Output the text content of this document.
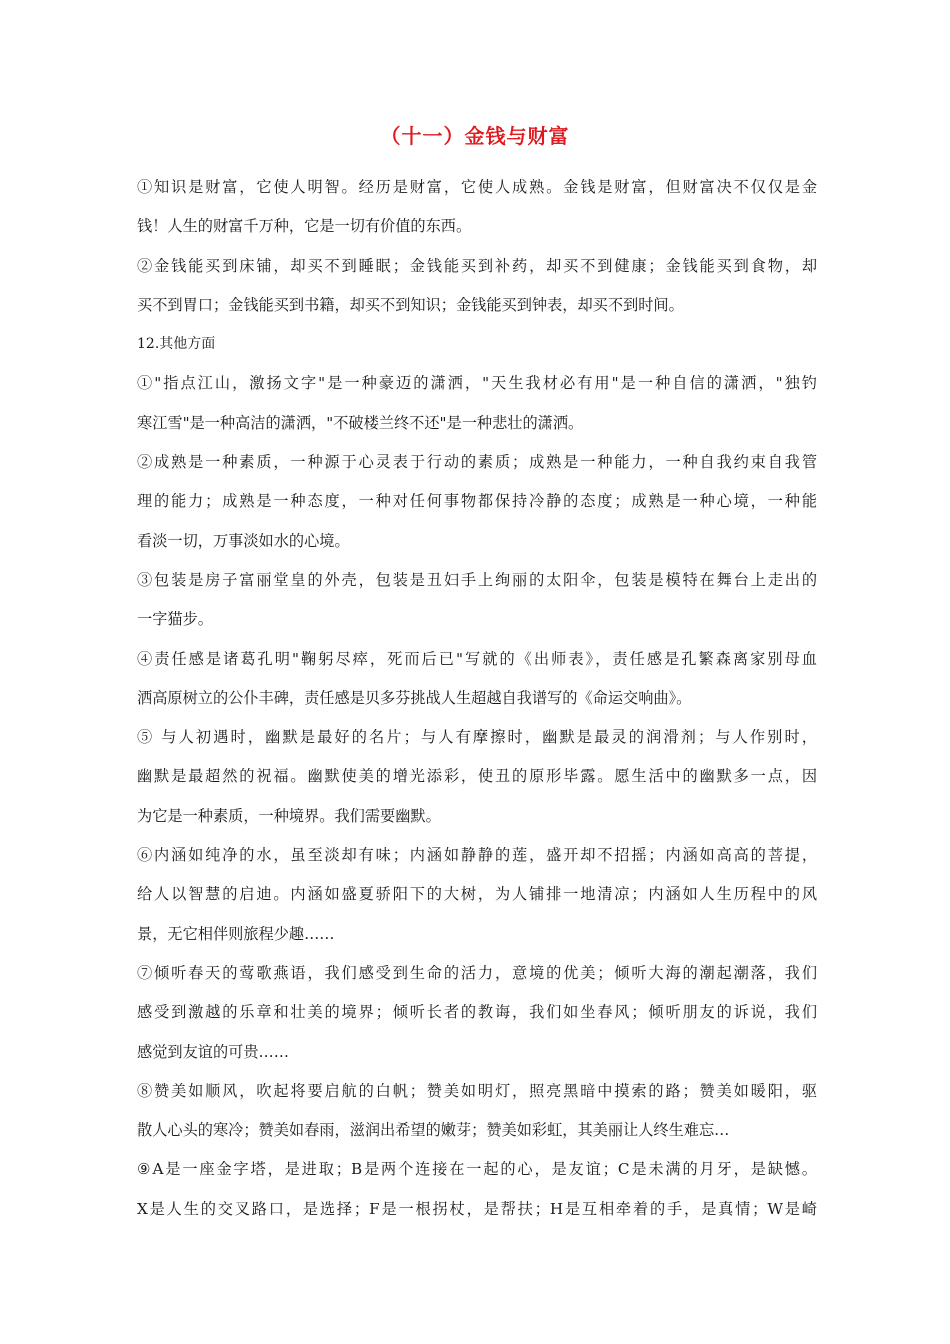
（十一）金钱与财富
①知识是财富，它使人明智。经历是财富，它使人成熟。金钱是财富，但财富决不仅仅是金
钱！人生的财富千万种，它是一切有价值的东西。
②金钱能买到床铺，却买不到睡眠；金钱能买到补药，却买不到健康；金钱能买到食物，却
买不到胃口；金钱能买到书籍，却买不到知识；金钱能买到钟表，却买不到时间。
12.其他方面
①"指点江山，激扬文字"是一种豪迈的潇洒，"天生我材必有用"是一种自信的潇洒，"独钓
寒江雪"是一种高洁的潇洒，"不破楼兰终不还"是一种悲壮的潇洒。
②成熟是一种素质，一种源于心灵表于行动的素质；成熟是一种能力，一种自我约束自我管
理的能力；成熟是一种态度，一种对任何事物都保持冷静的态度；成熟是一种心境，一种能
看淡一切，万事淡如水的心境。
③包装是房子富丽堂皇的外壳，包装是丑妇手上绚丽的太阳伞，包装是模特在舞台上走出的
一字猫步。
④责任感是诸葛孔明"鞠躬尽瘁，死而后已"写就的《出师表》，责任感是孔繁森离家别母血
洒高原树立的公仆丰碑，责任感是贝多芬挑战人生超越自我谱写的《命运交响曲》。
⑤ 与人初遇时，幽默是最好的名片；与人有摩擦时，幽默是最灵的润滑剂；与人作别时，
幽默是最超然的祝福。幽默使美的增光添彩，使丑的原形毕露。愿生活中的幽默多一点，因
为它是一种素质，一种境界。我们需要幽默。
⑥内涵如纯净的水，虽至淡却有味；内涵如静静的莲，盛开却不招摇；内涵如高高的菩提，
给人以智慧的启迪。内涵如盛夏骄阳下的大树，为人铺排一地清凉；内涵如人生历程中的风
景，无它相伴则旅程少趣……
⑦倾听春天的莺歌燕语，我们感受到生命的活力，意境的优美；倾听大海的潮起潮落，我们
感受到激越的乐章和壮美的境界；倾听长者的教诲，我们如坐春风；倾听朋友的诉说，我们
感觉到友谊的可贵……
⑧赞美如顺风，吹起将要启航的白帆；赞美如明灯，照亮黑暗中摸索的路；赞美如暖阳，驱
散人心头的寒冷；赞美如春雨，滋润出希望的嫩芽；赞美如彩虹，其美丽让人终生难忘…
⑨A是一座金字塔，是进取；B是两个连接在一起的心，是友谊；C是未满的月牙，是缺憾。
X是人生的交叉路口，是选择；F是一根拐杖，是帮扶；H是互相牵着的手，是真情；W是崎
